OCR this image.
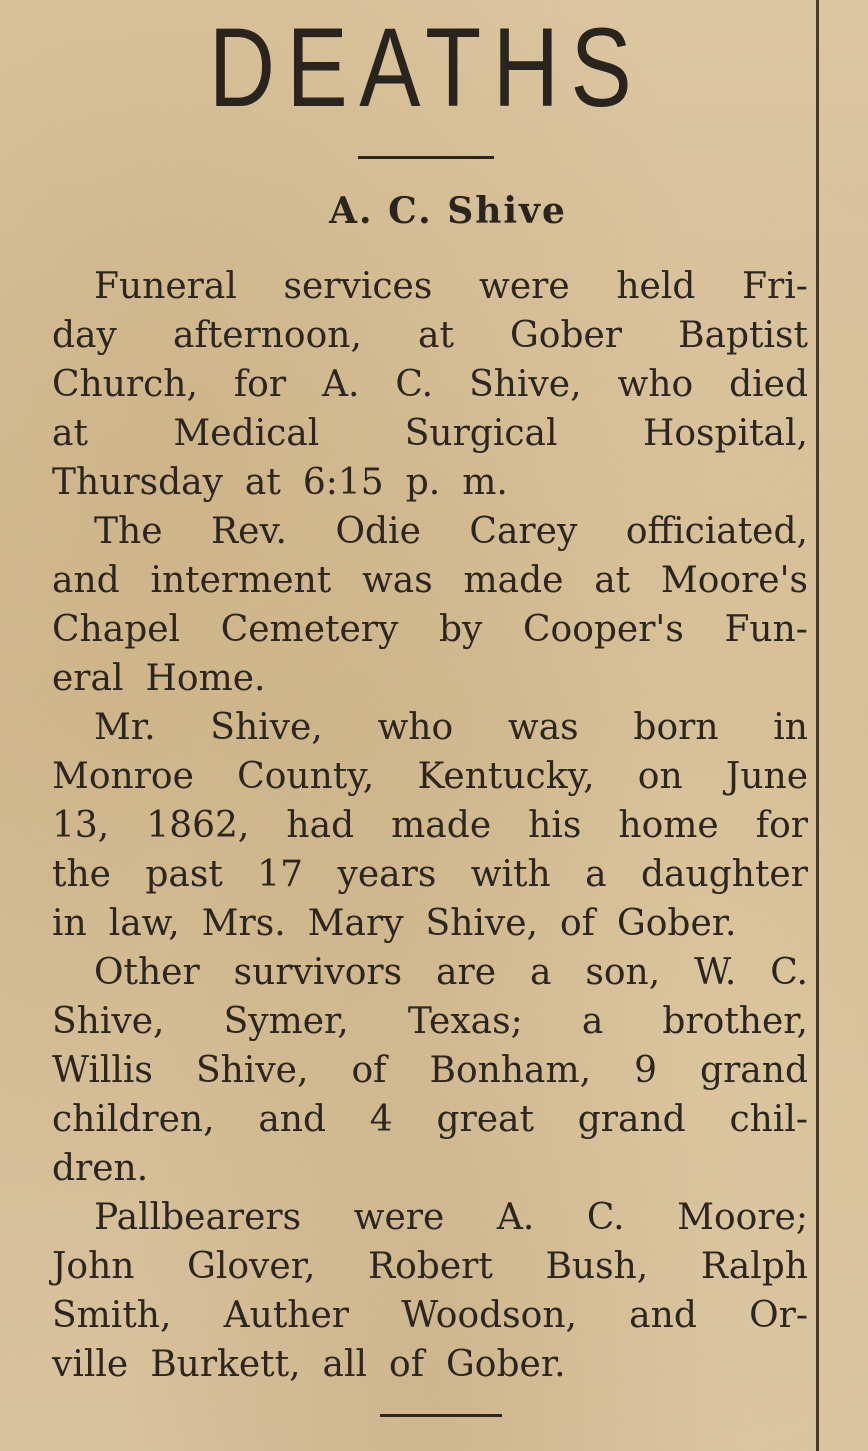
DEATHS
A. C. Shive
Funeral services were held Fri-
day afternoon, at Gober Baptist
Church, for A. C. Shive, who died
at Medical Surgical Hospital,
Thursday at 6:15 p. m.
The Rev. Odie Carey officiated,
and interment was made at Moore's
Chapel Cemetery by Cooper's Fun-
eral Home.
Mr. Shive, who was born in
Monroe County, Kentucky, on June
13, 1862, had made his home for
the past 17 years with a daughter
in law, Mrs. Mary Shive, of Gober.
Other survivors are a son, W. C.
Shive, Symer, Texas; a brother,
Willis Shive, of Bonham, 9 grand
children, and 4 great grand chil-
dren.
Pallbearers were A. C. Moore;
John Glover, Robert Bush, Ralph
Smith, Auther Woodson, and Or-
ville Burkett, all of Gober.
